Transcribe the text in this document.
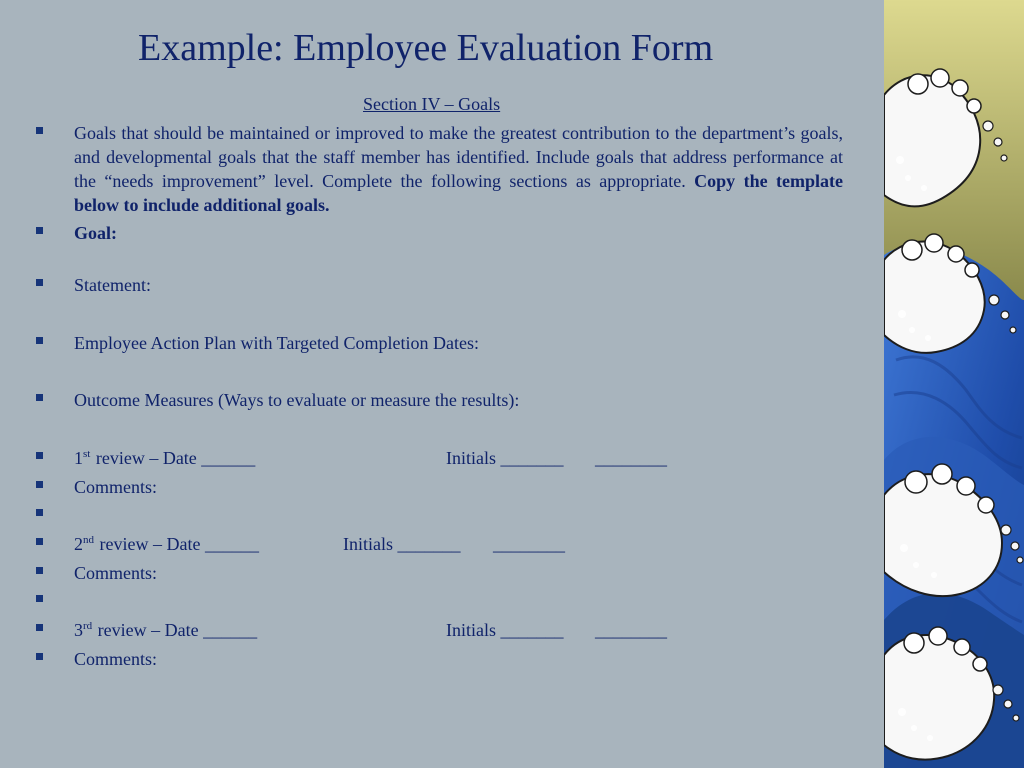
Example: Employee Evaluation Form
Section IV – Goals
Goals that should be maintained or improved to make the greatest contribution to the department’s goals, and developmental goals that the staff member has identified. Include goals that address performance at the “needs improvement” level. Complete the following sections as appropriate. Copy the template below to include additional goals.
Goal:
Statement:
Employee Action Plan with Targeted Completion Dates:
Outcome Measures (Ways to evaluate or measure the results):
1st review – Date ______	Initials _______ ________
Comments:
2nd review – Date ______	Initials _______ ________
Comments:
3rd review – Date ______	Initials _______ ________
Comments:
